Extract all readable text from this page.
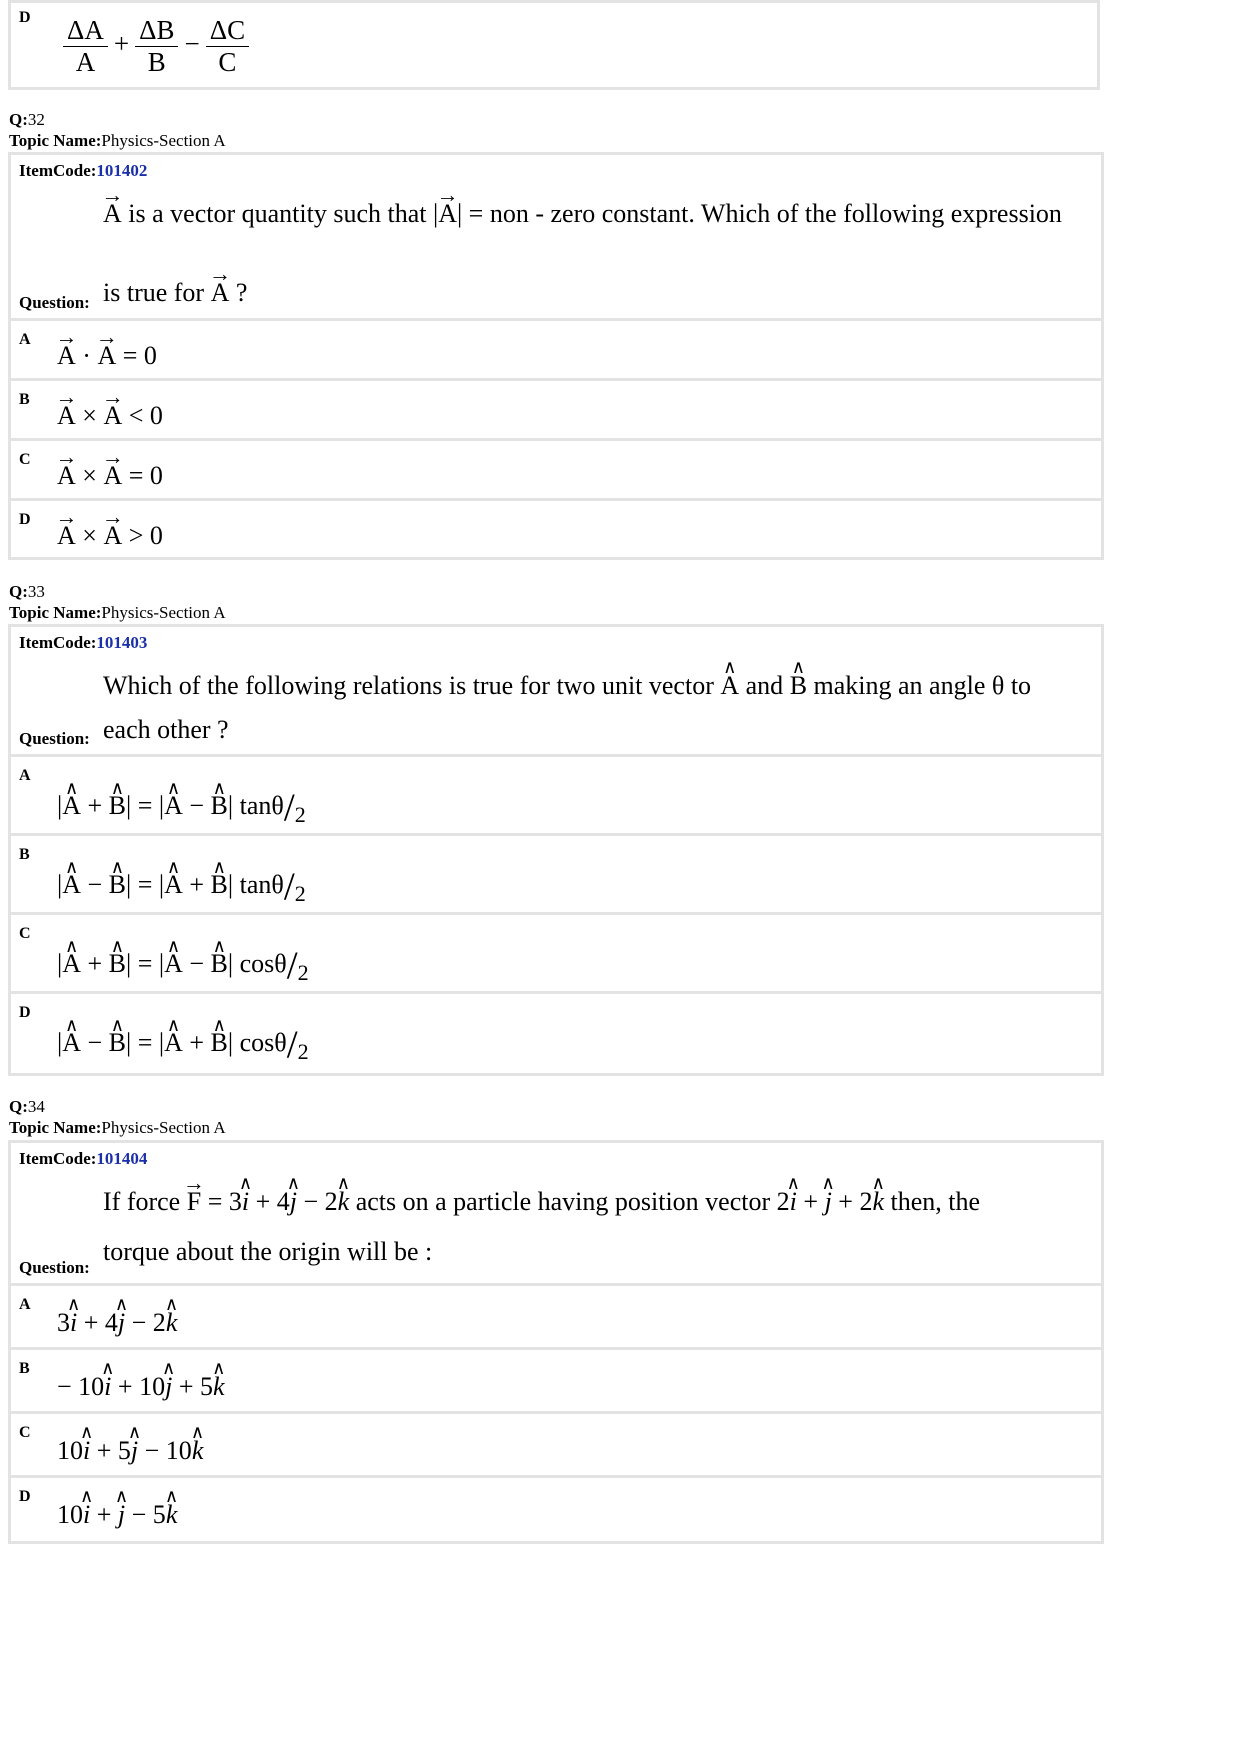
D $\frac{\Delta A}{A} + \frac{\Delta B}{B} - \frac{\Delta C}{C}$
Q:32
Topic Name:Physics-Section A
ItemCode:101402
→ A is a vector quantity such that → |A| = non - zero constant. Which of the following expression
Question: is true for → A ?
A
→ A · → A = 0
B
→ A × → A < 0
C
→ A × → A = 0
D
→ A × → A > 0
Q:33
Topic Name:Physics-Section A
ItemCode:101403
Which of the following relations is true for two unit vector ∧ A and ∧ B making an angle θ to
Question: each other ?
A
|∧ A + ∧ B| = |∧ A − ∧ B| tanθ/2
B
|∧ A − ∧ B| = |∧ A + ∧ B| tanθ/2
C
|∧ A + ∧ B| = |∧ A − ∧ B| cosθ/2
D
|∧ A − ∧ B| = |∧ A + ∧ B| cosθ/2
Q:34
Topic Name:Physics-Section A
ItemCode:101404
If force → F = 3∧ i + 4∧ j − 2∧ k acts on a particle having position vector 2∧ i + ∧ j + 2∧ k then, the
Question:
torque about the origin will be :
A
3∧ i + 4∧ j − 2∧ k
B
− 10∧ i + 10∧ j + 5∧ k
C
10∧ i + 5∧ j − 10∧ k
D
10∧ i + ∧ j − 5∧ k
